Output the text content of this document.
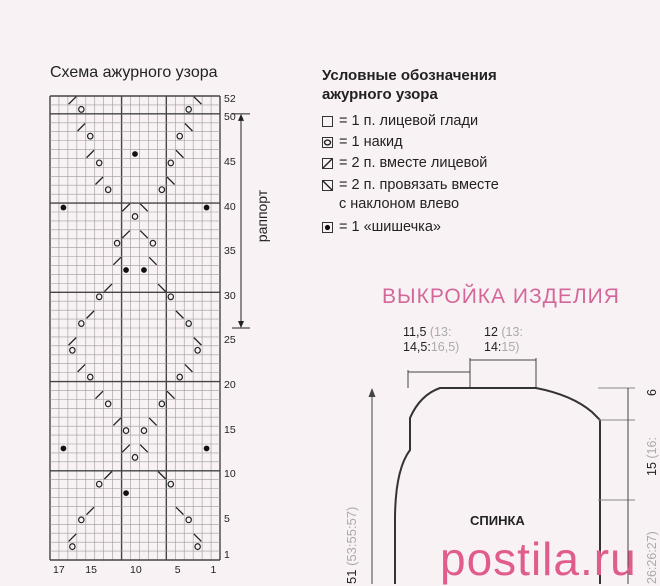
Схема ажурного узора
раппорт
52
50
45
40
35
30
25
20
15
10
5
1
17 15	10	5	1
Условные обозначения
ажурного узора
= 1 п. лицевой глади
= 1 накид
= 2 п. вместе лицевой
= 2 п. провязать вместе
с наклоном влево
= 1 «шишечка»
ВЫКРОЙКА ИЗДЕЛИЯ
11,5 (13:
14,5:16,5)
12 (13:
14:15)
6
15 (16:
26:26:27)
51 (53:55:57)	СПИНКА
postila.ru
